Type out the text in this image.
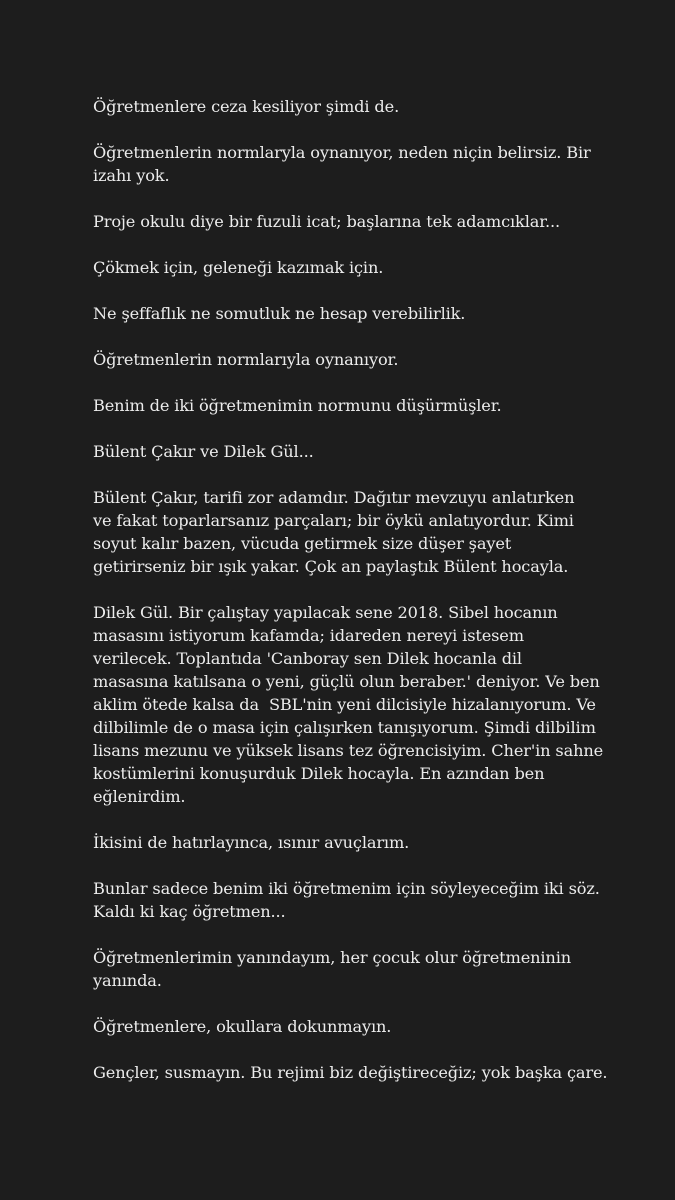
Öğretmenlere ceza kesiliyor şimdi de.
Öğretmenlerin normlaryla oynanıyor, neden niçin belirsiz. Bir
izahı yok.
Proje okulu diye bir fuzuli icat; başlarına tek adamcıklar...
Çökmek için, geleneği kazımak için.
Ne şeffaflık ne somutluk ne hesap verebilirlik.
Öğretmenlerin normlarıyla oynanıyor.
Benim de iki öğretmenimin normunu düşürmüşler.
Bülent Çakır ve Dilek Gül...
Bülent Çakır, tarifi zor adamdır. Dağıtır mevzuyu anlatırken
ve fakat toparlarsanız parçaları; bir öykü anlatıyordur. Kimi
soyut kalır bazen, vücuda getirmek size düşer şayet
getirirseniz bir ışık yakar. Çok an paylaştık Bülent hocayla.
Dilek Gül. Bir çalıştay yapılacak sene 2018. Sibel hocanın
masasını istiyorum kafamda; idareden nereyi istesem
verilecek. Toplantıda 'Canboray sen Dilek hocanla dil
masasına katılsana o yeni, güçlü olun beraber.' deniyor. Ve ben
aklim ötede kalsa da  SBL'nin yeni dilcisiyle hizalanıyorum. Ve
dilbilimle de o masa için çalışırken tanışıyorum. Şimdi dilbilim
lisans mezunu ve yüksek lisans tez öğrencisiyim. Cher'in sahne
kostümlerini konuşurduk Dilek hocayla. En azından ben
eğlenirdim.
İkisini de hatırlayınca, ısınır avuçlarım.
Bunlar sadece benim iki öğretmenim için söyleyeceğim iki söz.
Kaldı ki kaç öğretmen...
Öğretmenlerimin yanındayım, her çocuk olur öğretmeninin
yanında.
Öğretmenlere, okullara dokunmayın.
Gençler, susmayın. Bu rejimi biz değiştireceğiz; yok başka çare.
